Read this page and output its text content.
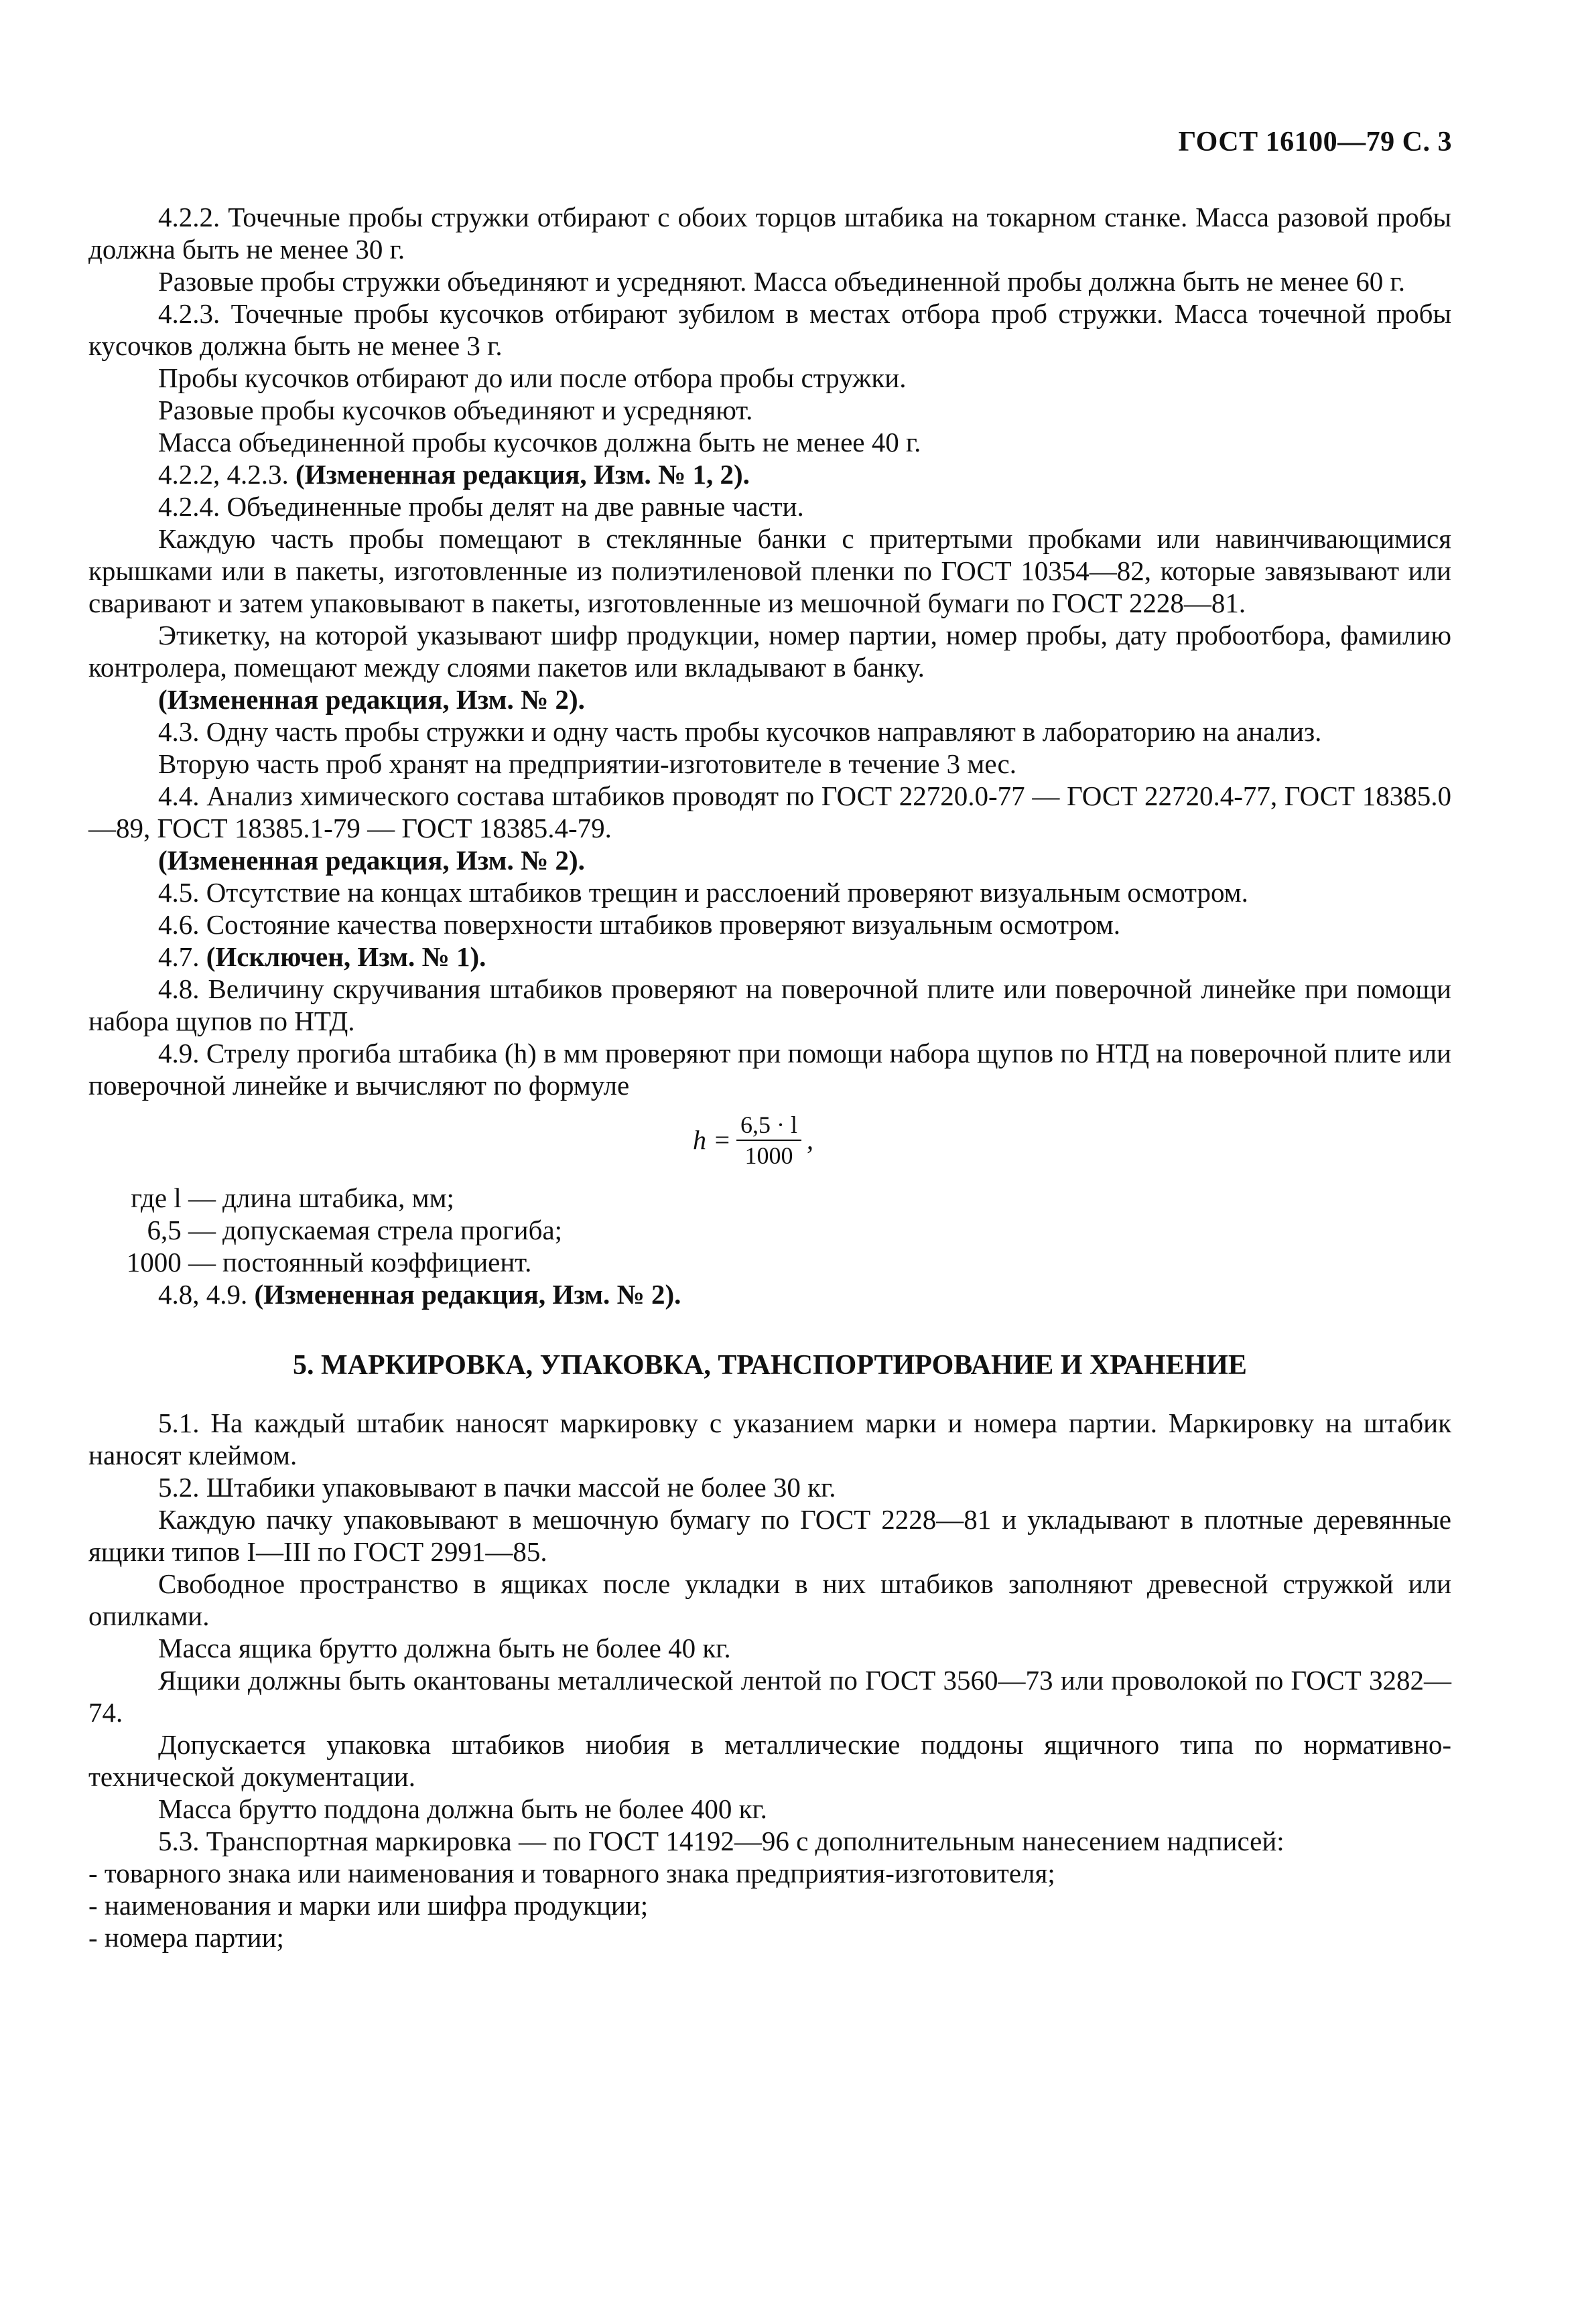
ГОСТ 16100—79 С. 3

4.2.2. Точечные пробы стружки отбирают с обоих торцов штабика на токарном станке. Масса разовой пробы должна быть не менее 30 г.

Разовые пробы стружки объединяют и усредняют. Масса объединенной пробы должна быть не менее 60 г.

4.2.3. Точечные пробы кусочков отбирают зубилом в местах отбора проб стружки. Масса точечной пробы кусочков должна быть не менее 3 г.

Пробы кусочков отбирают до или после отбора пробы стружки.

Разовые пробы кусочков объединяют и усредняют.

Масса объединенной пробы кусочков должна быть не менее 40 г.

4.2.2, 4.2.3. (Измененная редакция, Изм. № 1, 2).

4.2.4. Объединенные пробы делят на две равные части.

Каждую часть пробы помещают в стеклянные банки с притертыми пробками или навинчивающимися крышками или в пакеты, изготовленные из полиэтиленовой пленки по ГОСТ 10354—82, которые завязывают или сваривают и затем упаковывают в пакеты, изготовленные из мешочной бумаги по ГОСТ 2228—81.

Этикетку, на которой указывают шифр продукции, номер партии, номер пробы, дату пробоотбора, фамилию контролера, помещают между слоями пакетов или вкладывают в банку.

(Измененная редакция, Изм. № 2).

4.3. Одну часть пробы стружки и одну часть пробы кусочков направляют в лабораторию на анализ.

Вторую часть проб хранят на предприятии-изготовителе в течение 3 мес.

4.4. Анализ химического состава штабиков проводят по ГОСТ 22720.0-77 — ГОСТ 22720.4-77, ГОСТ 18385.0—89, ГОСТ 18385.1-79 — ГОСТ 18385.4-79.

(Измененная редакция, Изм. № 2).

4.5. Отсутствие на концах штабиков трещин и расслоений проверяют визуальным осмотром.

4.6. Состояние качества поверхности штабиков проверяют визуальным осмотром.

4.7. (Исключен, Изм. № 1).

4.8. Величину скручивания штабиков проверяют на поверочной плите или поверочной линейке при помощи набора щупов по НТД.

4.9. Стрелу прогиба штабика (h) в мм проверяют при помощи набора щупов по НТД на поверочной плите или поверочной линейке и вычисляют по формуле

$h = \frac{6,5 \cdot l}{1000}$ ,
где l — длина штабика, мм;
6,5 — допускаемая стрела прогиба;
1000 — постоянный коэффициент.

4.8, 4.9. (Измененная редакция, Изм. № 2).

5. МАРКИРОВКА, УПАКОВКА, ТРАНСПОРТИРОВАНИЕ И ХРАНЕНИЕ

5.1. На каждый штабик наносят маркировку с указанием марки и номера партии. Маркировку на штабик наносят клеймом.

5.2. Штабики упаковывают в пачки массой не более 30 кг.

Каждую пачку упаковывают в мешочную бумагу по ГОСТ 2228—81 и укладывают в плотные деревянные ящики типов I—III по ГОСТ 2991—85.

Свободное пространство в ящиках после укладки в них штабиков заполняют древесной стружкой или опилками.

Масса ящика брутто должна быть не более 40 кг.

Ящики должны быть окантованы металлической лентой по ГОСТ 3560—73 или проволокой по ГОСТ 3282—74.

Допускается упаковка штабиков ниобия в металлические поддоны ящичного типа по нормативно-технической документации.

Масса брутто поддона должна быть не более 400 кг.

5.3. Транспортная маркировка — по ГОСТ 14192—96 с дополнительным нанесением надписей:

- товарного знака или наименования и товарного знака предприятия-изготовителя;

- наименования и марки или шифра продукции;

- номера партии;
